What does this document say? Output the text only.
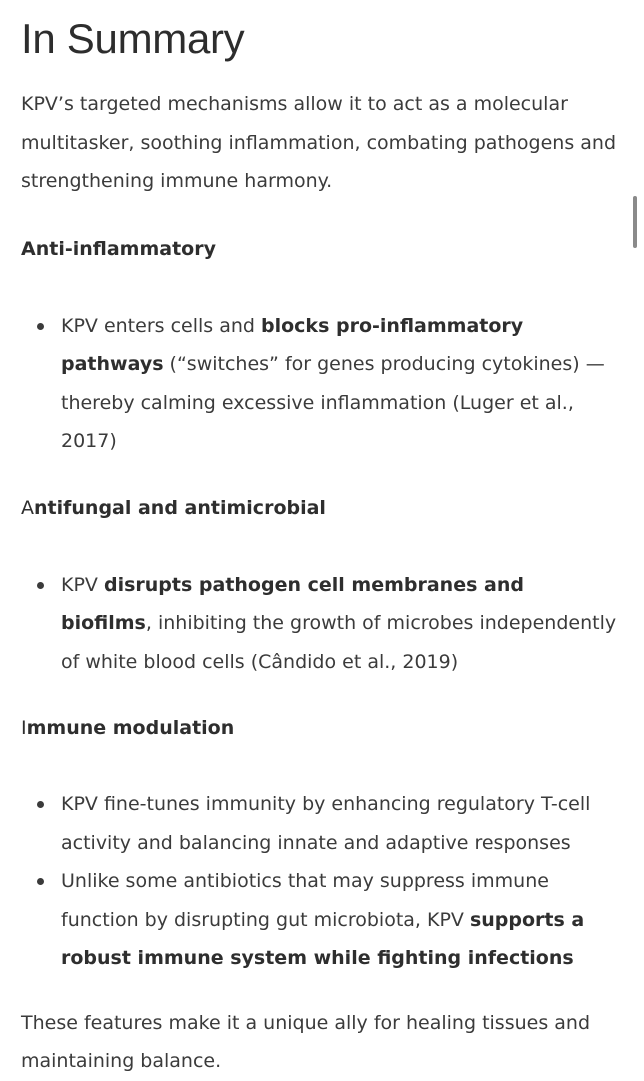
In Summary

KPV’s targeted mechanisms allow it to act as a molecular multitasker, soothing inflammation, combating pathogens and strengthening immune harmony.

Anti-inflammatory
KPV enters cells and blocks pro-inflammatory pathways (“switches” for genes producing cytokines) — thereby calming excessive inflammation (Luger et al., 2017)
Antifungal and antimicrobial
KPV disrupts pathogen cell membranes and biofilms, inhibiting the growth of microbes independently of white blood cells (Cândido et al., 2019)
Immune modulation
KPV fine-tunes immunity by enhancing regulatory T-cell activity and balancing innate and adaptive responses
Unlike some antibiotics that may suppress immune function by disrupting gut microbiota, KPV supports a robust immune system while fighting infections

These features make it a unique ally for healing tissues and maintaining balance.
